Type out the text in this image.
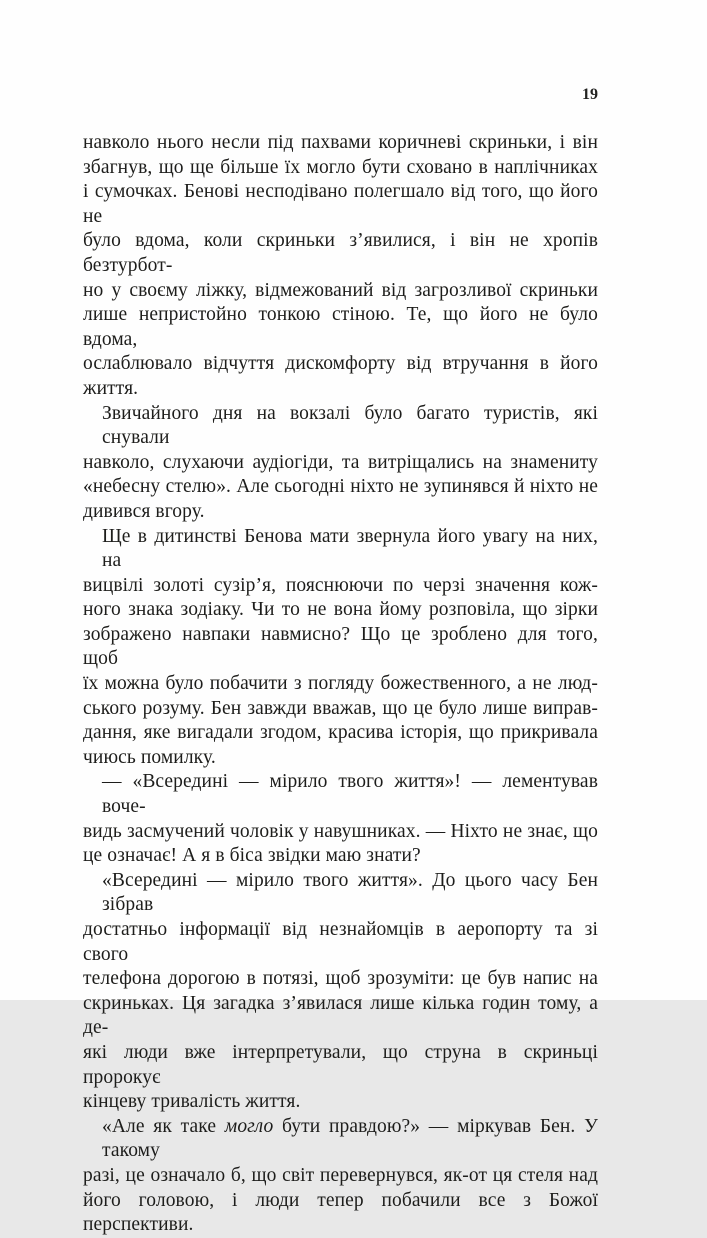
19
навколо нього несли під пахвами коричневі скриньки, і він
збагнув, що ще більше їх могло бути сховано в наплічниках
і сумочках. Бенові несподівано полегшало від того, що його не
було вдома, коли скриньки з’явилися, і він не хропів безтурбот-
но у своєму ліжку, відмежований від загрозливої скриньки
лише непристойно тонкою стіною. Те, що його не було вдома,
ослаблювало відчуття дискомфорту від втручання в його життя.
Звичайного дня на вокзалі було багато туристів, які снували
навколо, слухаючи аудіогіди, та витріщались на знамениту
«небесну стелю». Але сьогодні ніхто не зупинявся й ніхто не
дивився вгору.
Ще в дитинстві Бенова мати звернула його увагу на них, на
вицвілі золоті сузір’я, пояснюючи по черзі значення кож-
ного знака зодіаку. Чи то не вона йому розповіла, що зірки
зображено навпаки навмисно? Що це зроблено для того, щоб
їх можна було побачити з погляду божественного, а не люд-
ського розуму. Бен завжди вважав, що це було лише виправ-
дання, яке вигадали згодом, красива історія, що прикривала
чиюсь помилку.
— «Всередині — мірило твого життя»! — лементував воче-
видь засмучений чоловік у навушниках. — Ніхто не знає, що
це означає! А я в біса звідки маю знати?
«Всередині — мірило твого життя». До цього часу Бен зібрав
достатньо інформації від незнайомців в аеропорту та зі свого
телефона дорогою в потязі, щоб зрозуміти: це був напис на
скриньках. Ця загадка з’явилася лише кілька годин тому, а де-
які люди вже інтерпретували, що струна в скриньці пророкує
кінцеву тривалість життя.
«Але як таке могло бути правдою?» — міркував Бен. У такому
разі, це означало б, що світ перевернувся, як-от ця стеля над
його головою, і люди тепер побачили все з Божої перспективи.
